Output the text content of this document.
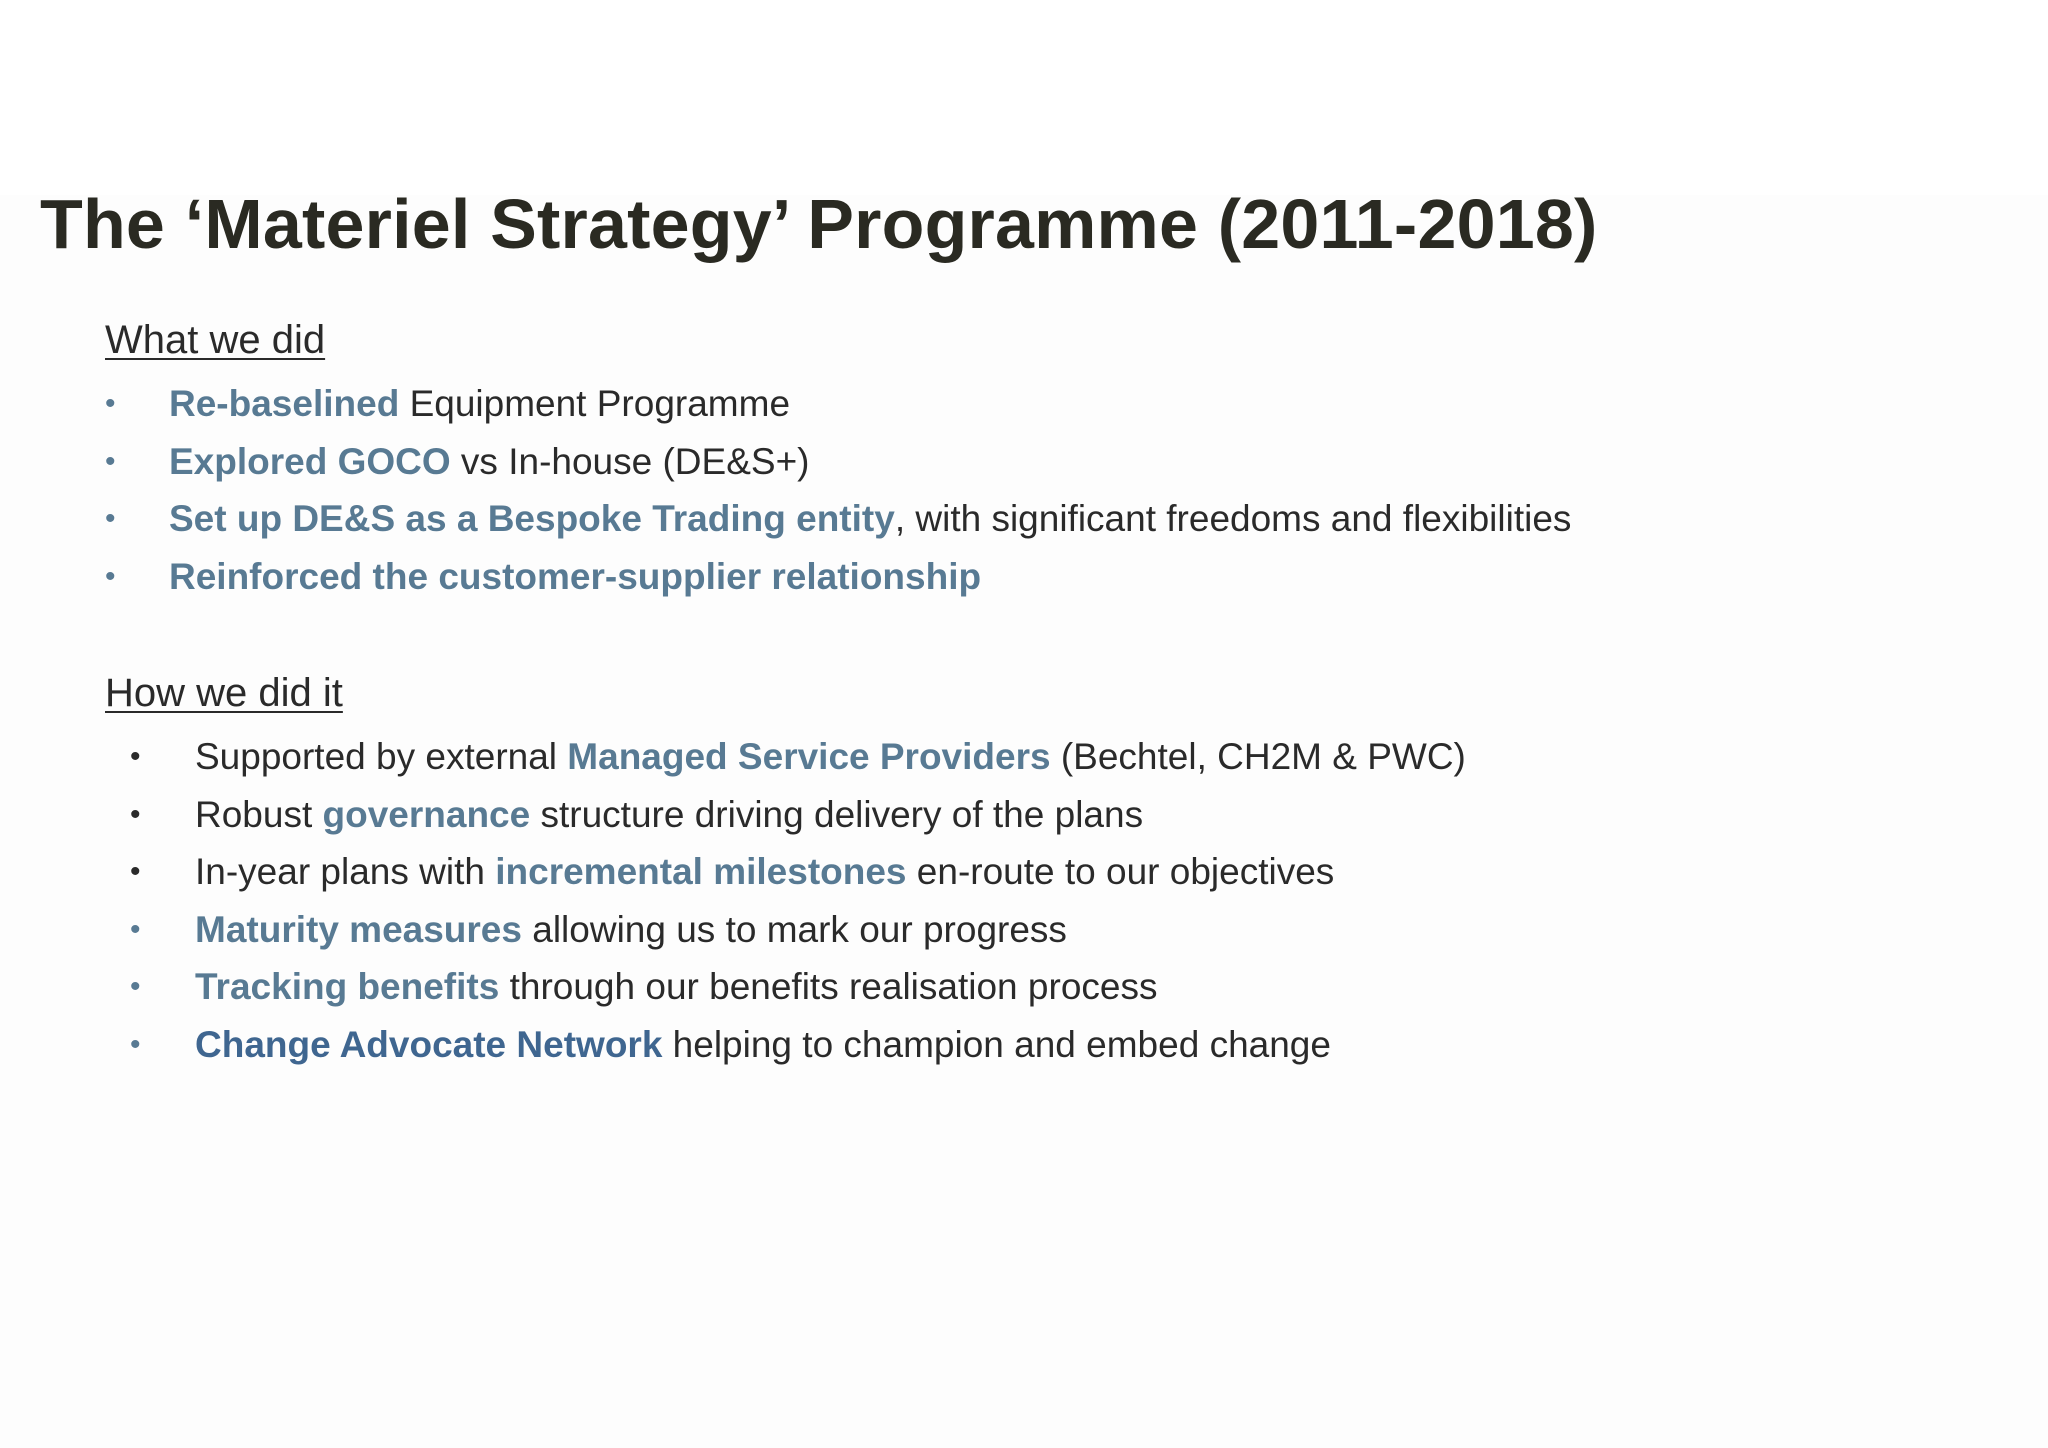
The ‘Materiel Strategy’ Programme (2011-2018)
What we did
• Re-baselined Equipment Programme
• Explored GOCO vs In-house (DE&S+)
• Set up DE&S as a Bespoke Trading entity, with significant freedoms and flexibilities
• Reinforced the customer-supplier relationship
How we did it
• Supported by external Managed Service Providers (Bechtel, CH2M & PWC)
• Robust governance structure driving delivery of the plans
• In-year plans with incremental milestones en-route to our objectives
• Maturity measures allowing us to mark our progress
• Tracking benefits through our benefits realisation process
• Change Advocate Network helping to champion and embed change
